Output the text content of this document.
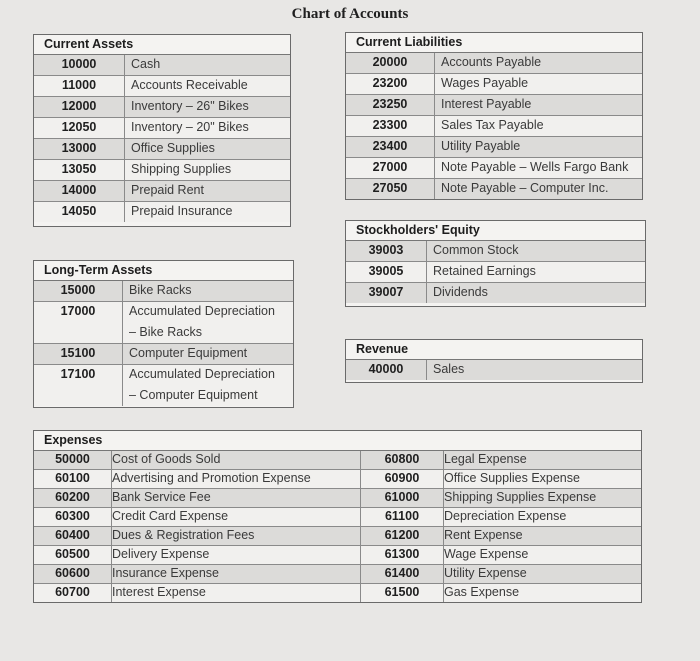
Chart of Accounts
Current Assets
10000	Cash

11000	Accounts Receivable

12000	Inventory – 26" Bikes

12050	Inventory – 20" Bikes

13000	Office Supplies

13050	Shipping Supplies

14000	Prepaid Rent

14050	Prepaid Insurance
Current Liabilities
20000	Accounts Payable

23200	Wages Payable

23250	Interest Payable

23300	Sales Tax Payable

23400	Utility Payable

27000	Note Payable – Wells Fargo Bank

27050	Note Payable – Computer Inc.
Stockholders' Equity
39003	Common Stock

39005	Retained Earnings

39007	Dividends
Long-Term Assets
15000	Bike Racks

17000	Accumulated Depreciation
– Bike Racks

15100	Computer Equipment

17100	Accumulated Depreciation
– Computer Equipment
Revenue
40000	Sales
Expenses
50000	Cost of Goods Sold	60800	Legal Expense
60100	Advertising and Promotion Expense	60900	Office Supplies Expense
60200	Bank Service Fee	61000	Shipping Supplies Expense
60300	Credit Card Expense	61100	Depreciation Expense
60400	Dues & Registration Fees	61200	Rent Expense
60500	Delivery Expense	61300	Wage Expense
60600	Insurance Expense	61400	Utility Expense
60700	Interest Expense	61500	Gas Expense
